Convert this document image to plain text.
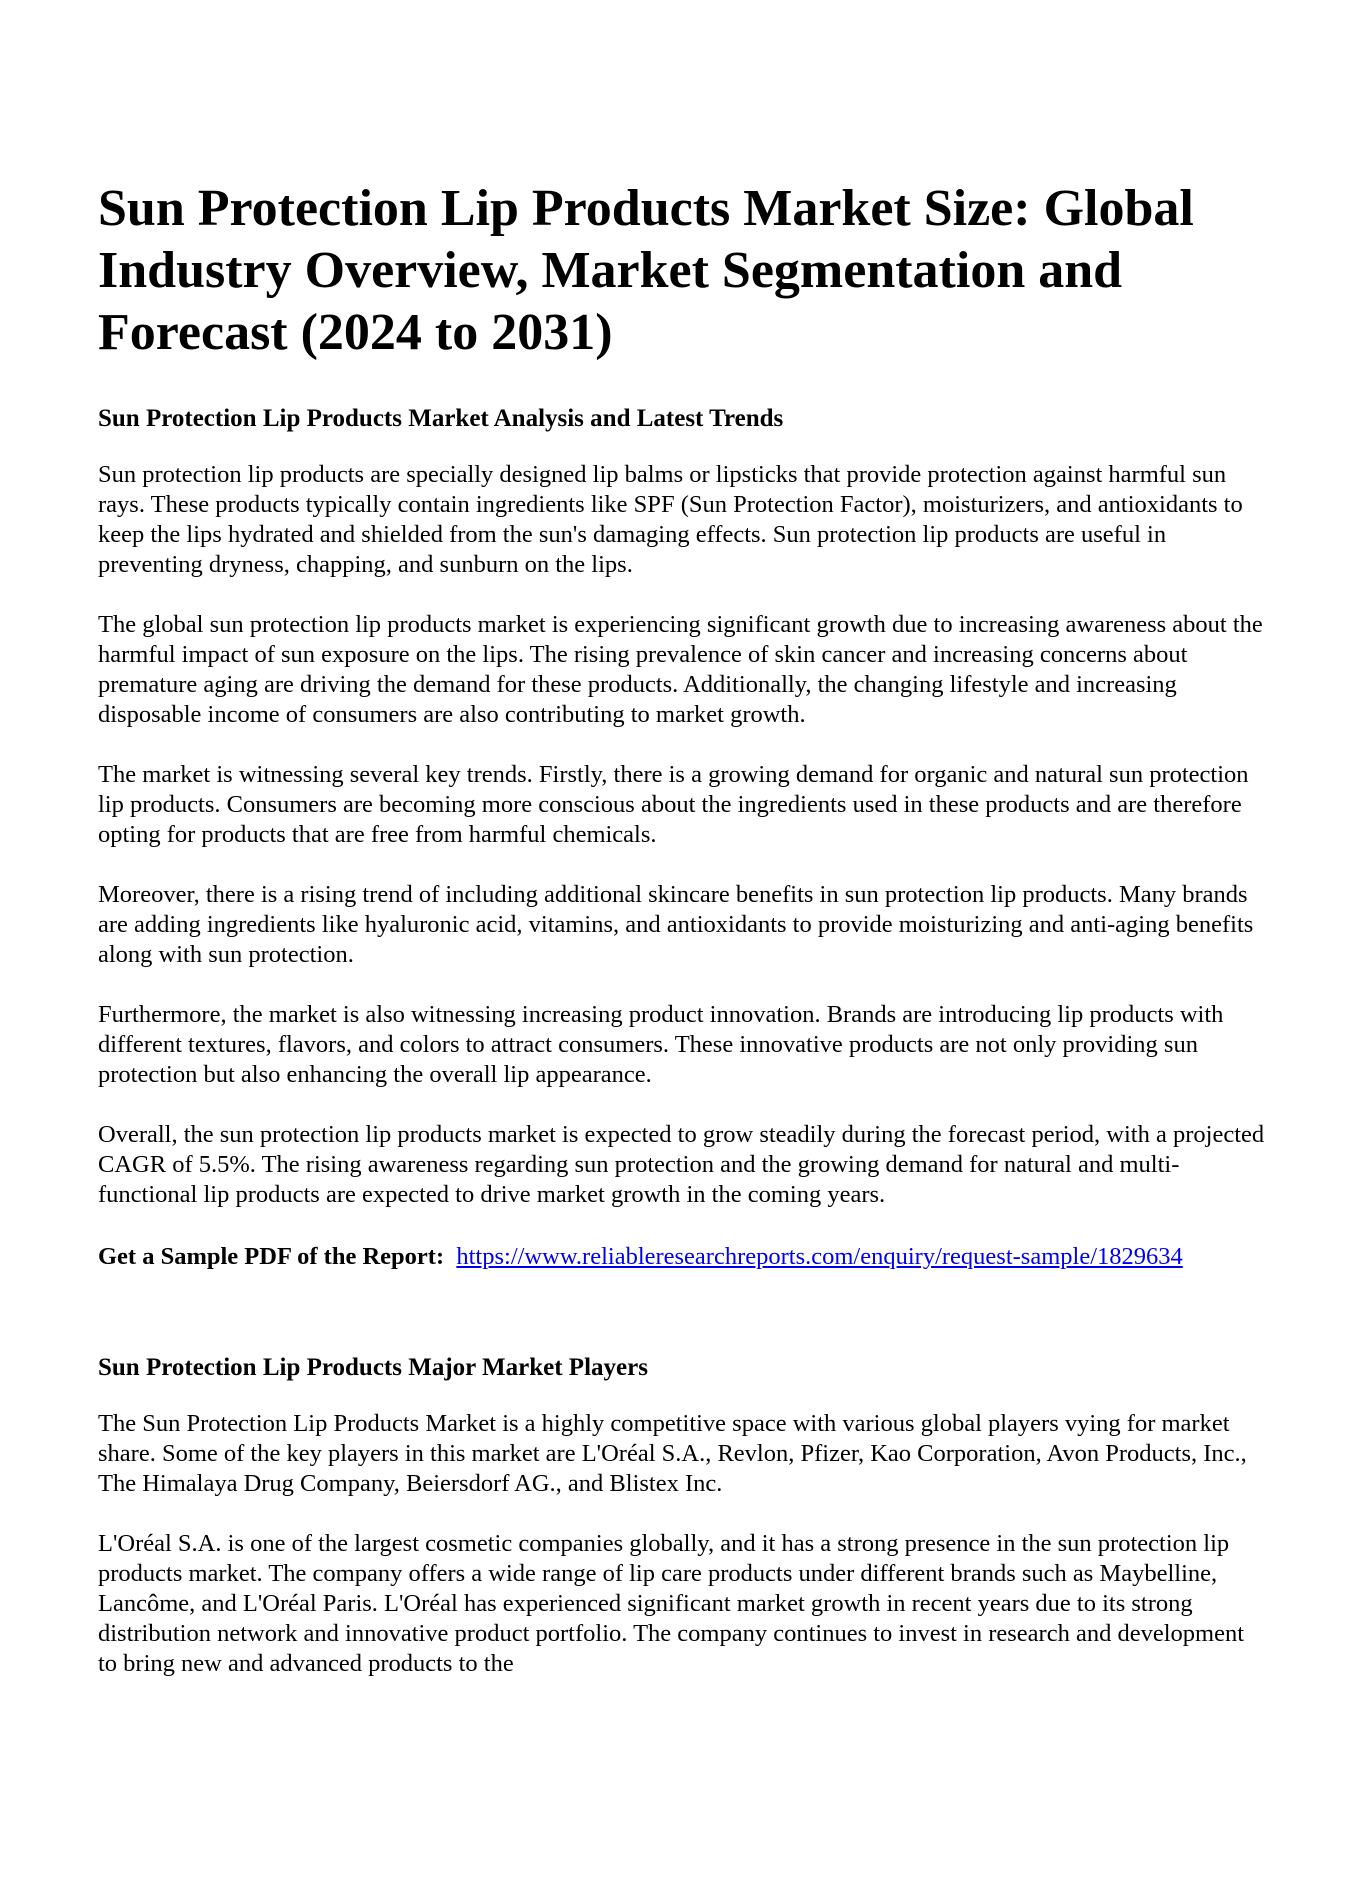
Sun Protection Lip Products Market Size: Global Industry Overview, Market Segmentation and Forecast (2024 to 2031)
Sun Protection Lip Products Market Analysis and Latest Trends

Sun protection lip products are specially designed lip balms or lipsticks that provide protection against harmful sun rays. These products typically contain ingredients like SPF (Sun Protection Factor), moisturizers, and antioxidants to keep the lips hydrated and shielded from the sun's damaging effects. Sun protection lip products are useful in preventing dryness, chapping, and sunburn on the lips.

The global sun protection lip products market is experiencing significant growth due to increasing awareness about the harmful impact of sun exposure on the lips. The rising prevalence of skin cancer and increasing concerns about premature aging are driving the demand for these products. Additionally, the changing lifestyle and increasing disposable income of consumers are also contributing to market growth.

The market is witnessing several key trends. Firstly, there is a growing demand for organic and natural sun protection lip products. Consumers are becoming more conscious about the ingredients used in these products and are therefore opting for products that are free from harmful chemicals.

Moreover, there is a rising trend of including additional skincare benefits in sun protection lip products. Many brands are adding ingredients like hyaluronic acid, vitamins, and antioxidants to provide moisturizing and anti-aging benefits along with sun protection.

Furthermore, the market is also witnessing increasing product innovation. Brands are introducing lip products with different textures, flavors, and colors to attract consumers. These innovative products are not only providing sun protection but also enhancing the overall lip appearance.

Overall, the sun protection lip products market is expected to grow steadily during the forecast period, with a projected CAGR of 5.5%. The rising awareness regarding sun protection and the growing demand for natural and multi-functional lip products are expected to drive market growth in the coming years.

Get a Sample PDF of the Report: https://www.reliableresearchreports.com/enquiry/request-sample/1829634
Sun Protection Lip Products Major Market Players

The Sun Protection Lip Products Market is a highly competitive space with various global players vying for market share. Some of the key players in this market are L'Oréal S.A., Revlon, Pfizer, Kao Corporation, Avon Products, Inc., The Himalaya Drug Company, Beiersdorf AG., and Blistex Inc.

L'Oréal S.A. is one of the largest cosmetic companies globally, and it has a strong presence in the sun protection lip products market. The company offers a wide range of lip care products under different brands such as Maybelline, Lancôme, and L'Oréal Paris. L'Oréal has experienced significant market growth in recent years due to its strong distribution network and innovative product portfolio. The company continues to invest in research and development to bring new and advanced products to the
